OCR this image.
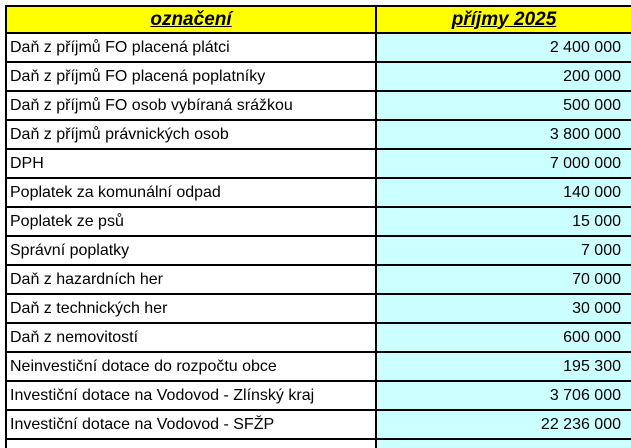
označení	příjmy 2025
Daň z příjmů FO placená plátci	2 400 000
Daň z příjmů FO placená poplatníky	200 000
Daň z příjmů FO osob vybíraná srážkou	500 000
Daň z příjmů právnických osob	3 800 000
DPH	7 000 000
Poplatek za komunální odpad	140 000
Poplatek ze psů	15 000
Správní poplatky	7 000
Daň z hazardních her	70 000
Daň z technických her	30 000
Daň z nemovitostí	600 000
Neinvestiční dotace do rozpočtu obce	195 300
Investiční dotace na Vodovod - Zlínský kraj	3 706 000
Investiční dotace na Vodovod - SFŽP	22 236 000
